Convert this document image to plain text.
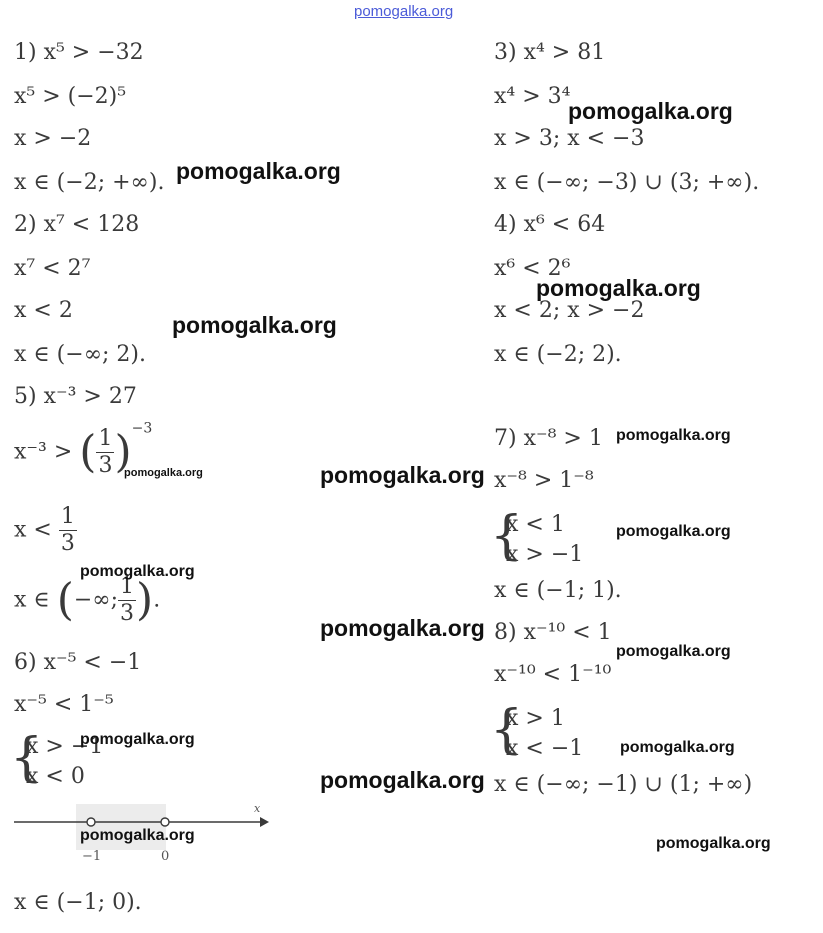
pomogalka.org
1) x⁵ > −32
x⁵ > (−2)⁵
x > −2
x ∈ (−2; +∞).
2) x⁷ < 128
x⁷ < 2⁷
x < 2
x ∈ (−∞; 2).
5) x⁻³ > 27
x⁻³ > ( $\frac{1}{3} )^{-3}$
$x < \frac{1}{3}$
x ∈ (−∞; $\frac{1}{3}$ ).
6) x⁻⁵ < −1
x⁻⁵ < 1⁻⁵
{
x > −1
x < 0
x
−1	0
x ∈ (−1; 0).
3) x⁴ > 81
x⁴ > 3⁴
x > 3; x < −3
x ∈ (−∞; −3) ∪ (3; +∞).
4) x⁶ < 64
x⁶ < 2⁶
x < 2; x > −2
x ∈ (−2; 2).
7) x⁻⁸ > 1
x⁻⁸ > 1⁻⁸
{
x < 1
x > −1
x ∈ (−1; 1).
8) x⁻¹⁰ < 1
x⁻¹⁰ < 1⁻¹⁰
{
x > 1
x < −1
x ∈ (−∞; −1) ∪ (1; +∞)
pomogalka.org
pomogalka.org
pomogalka.org
pomogalka.org
pomogalka.org
pomogalka.org
pomogalka.org
pomogalka.org
pomogalka.org
pomogalka.org
pomogalka.org
pomogalka.org
pomogalka.org	pomogalka.org
pomogalka.org	pomogalka.org
